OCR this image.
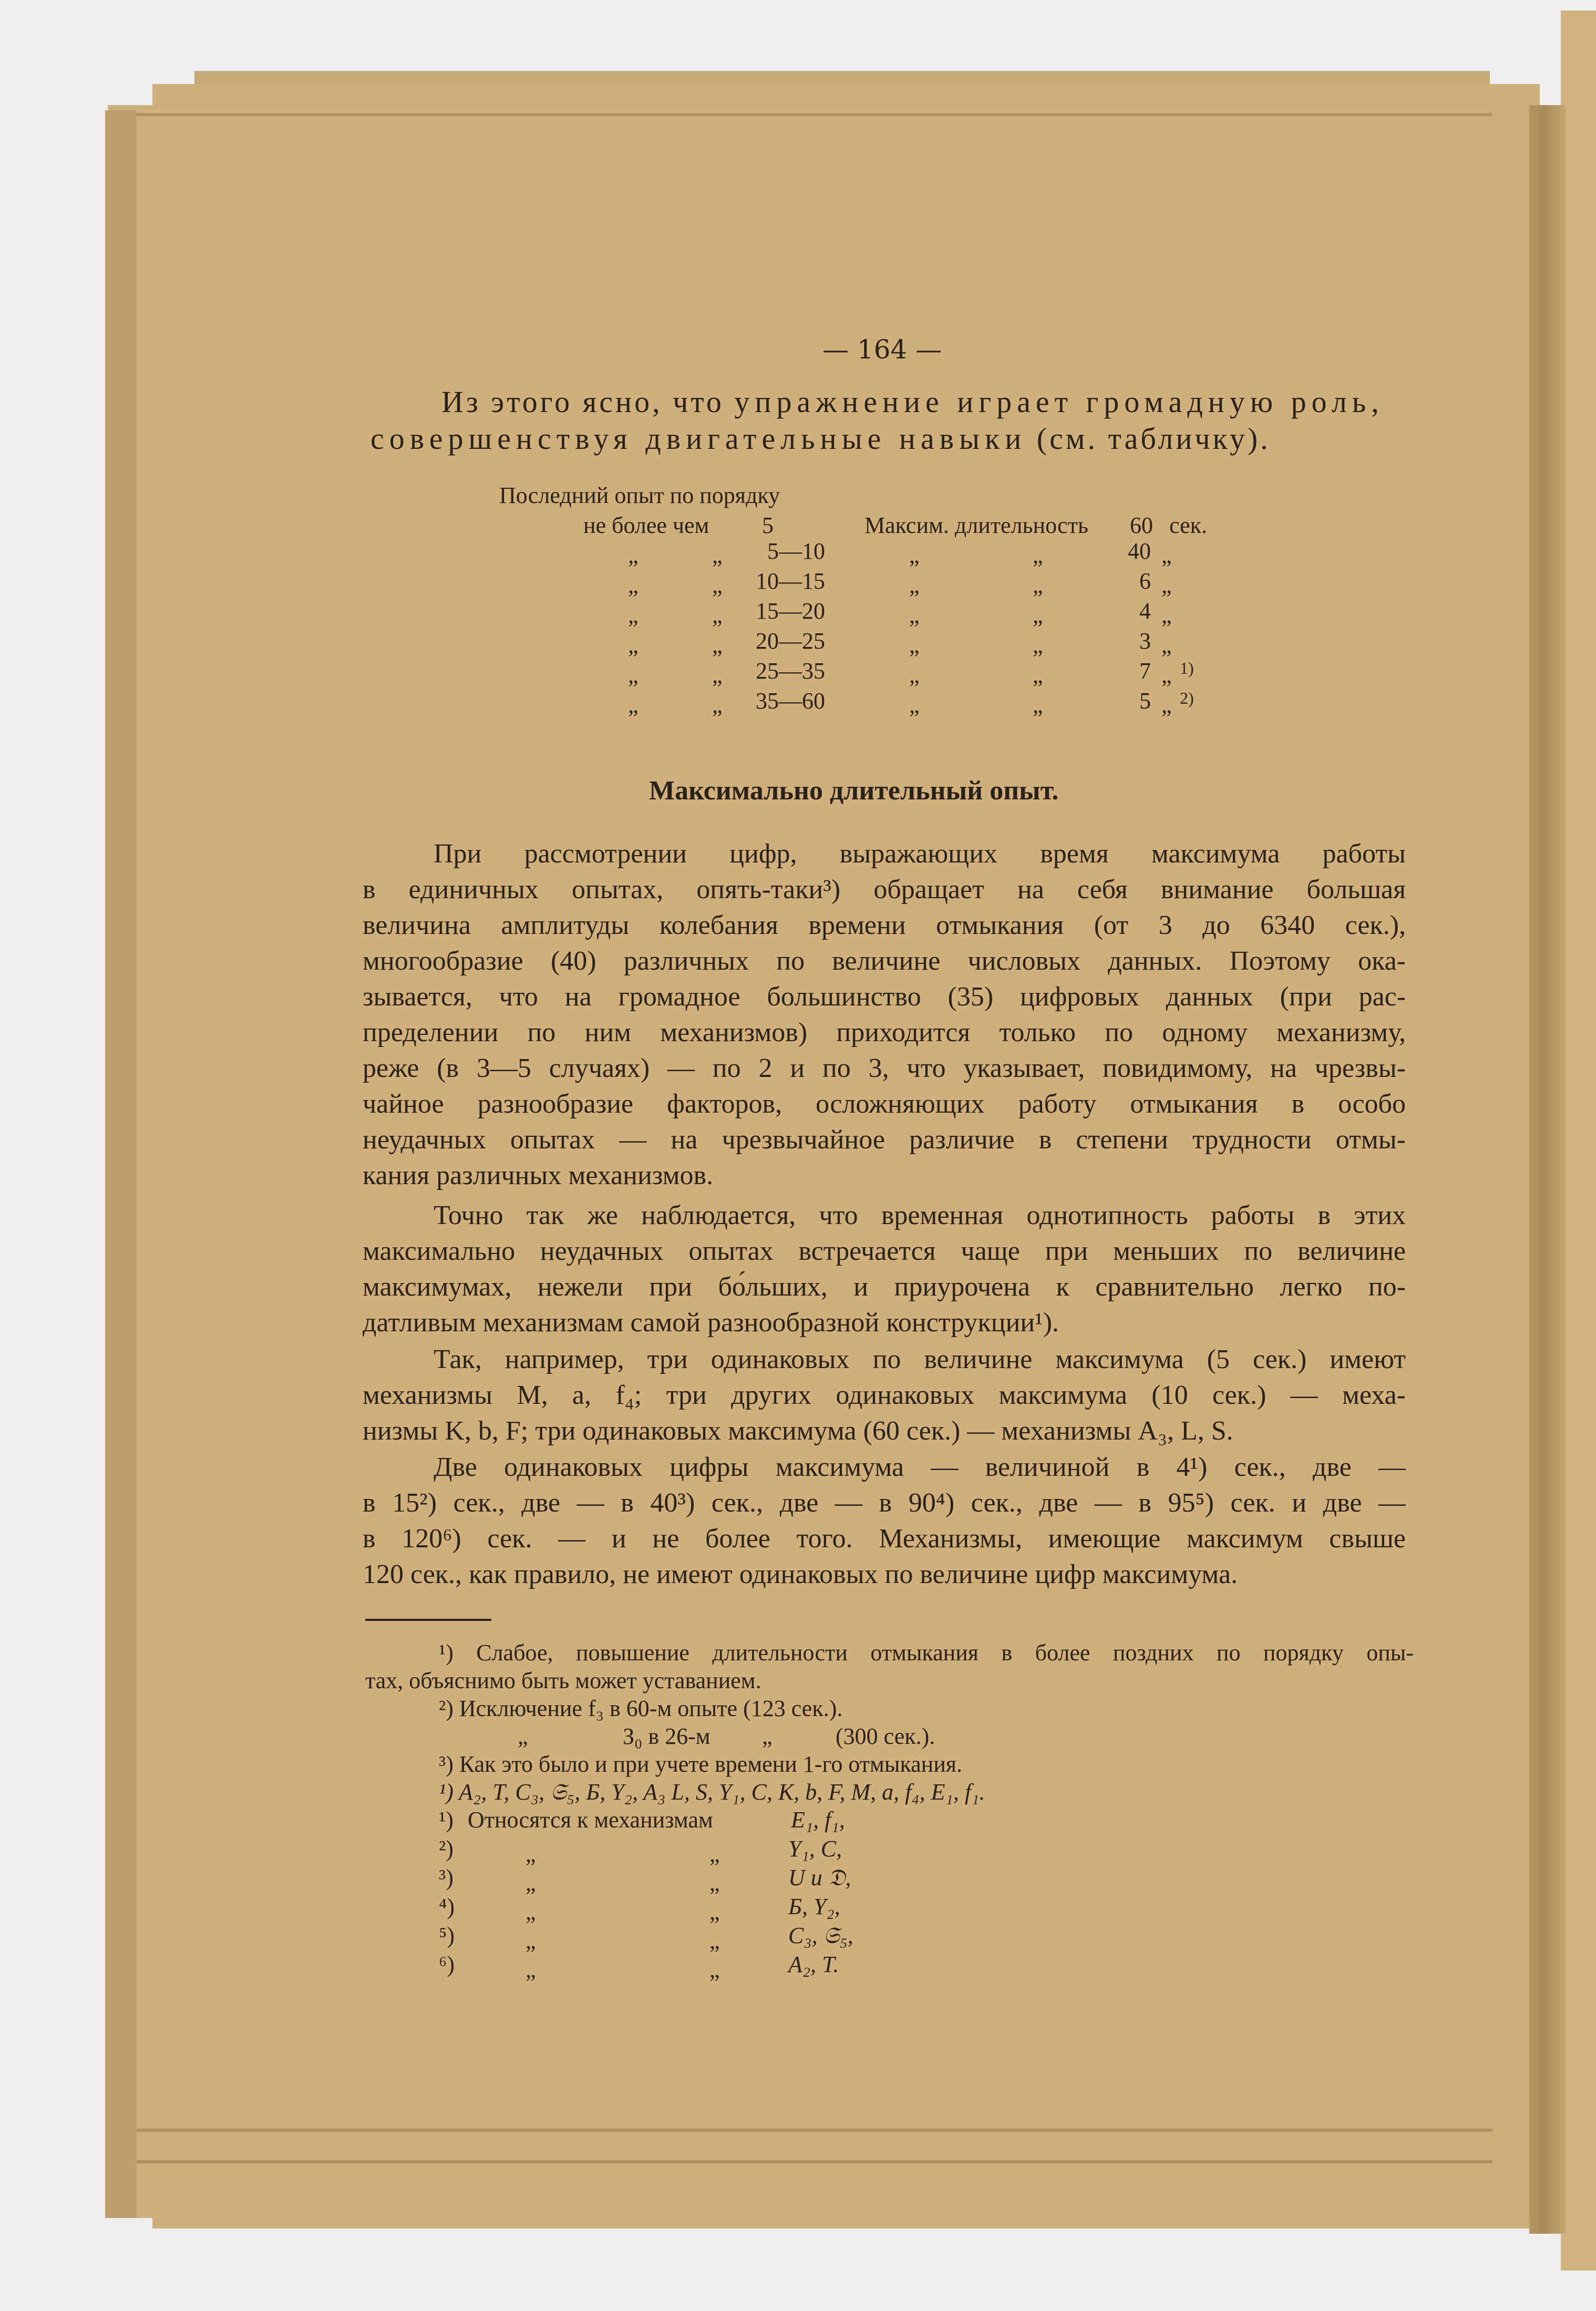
— 164 —
Из этого ясно, что упражнение играет громадную роль,
совершенствуя двигательные навыки (см. табличку).
Последний опыт по порядку
не более чем 5	Максим. длительность 60 сек.
„	„	5—10	„	„	40 „
„	„	10—15	„	„	6 „
„	„	15—20	„	„	4 „
„	„	20—25	„	„	3 „
„	„	25—35	„	„	7 „ 1)
„	„	35—60	„	„	5 „ 2)
Максимально длительный опыт.
При рассмотрении цифр, выражающих время максимума работы
в единичных опытах, опять-таки³) обращает на себя внимание большая
величина амплитуды колебания времени отмыкания (от 3 до 6340 сек.),
многообразие (40) различных по величине числовых данных. Поэтому ока-
зывается, что на громадное большинство (35) цифровых данных (при рас-
пределении по ним механизмов) приходится только по одному механизму,
реже (в 3—5 случаях) — по 2 и по 3, что указывает, повидимому, на чрезвы-
чайное разнообразие факторов, осложняющих работу отмыкания в особо
неудачных опытах — на чрезвычайное различие в степени трудности отмы-
кания различных механизмов.
Точно так же наблюдается, что временная однотипность работы в этих
максимально неудачных опытах встречается чаще при меньших по величине
максимумах, нежели при бо́льших, и приурочена к сравнительно легко по-
датливым механизмам самой разнообразной конструкции¹).
Так, например, три одинаковых по величине максимума (5 сек.) имеют
механизмы M, a, f₄; три других одинаковых максимума (10 сек.) — меха-
низмы K, b, F; три одинаковых максимума (60 сек.) — механизмы A₃, L, S.
Две одинаковых цифры максимума — величиной в 4¹) сек., две —
в 15²) сек., две — в 40³) сек., две — в 90⁴) сек., две — в 95⁵) сек. и две —
в 120⁶) сек. — и не более того. Механизмы, имеющие максимум свыше
120 сек., как правило, не имеют одинаковых по величине цифр максимума.
¹) Слабое, повышение длительности отмыкания в более поздних по порядку опы-
тах, объяснимо быть может уставанием.
²) Исключение f₃ в 60-м опыте (123 сек.).
„	З₀ в 26-м „	(300 сек.).
³) Как это было и при учете времени 1-го отмыкания.
¹) A₂, T, C₃, 𝔖₅, Б, Y₂, A₃ L, S, Y₁, C, K, b, F, M, a, f₄, E₁, f₁.
¹) Относятся к механизмам	E₁, f₁,
²)	„	„	Y₁, C,
³)	„	„	U и 𝔇,
⁴)	„	„	Б, Y₂,
⁵)	„	„	C₃, 𝔖₅,
⁶)	„	„	A₂, T.
